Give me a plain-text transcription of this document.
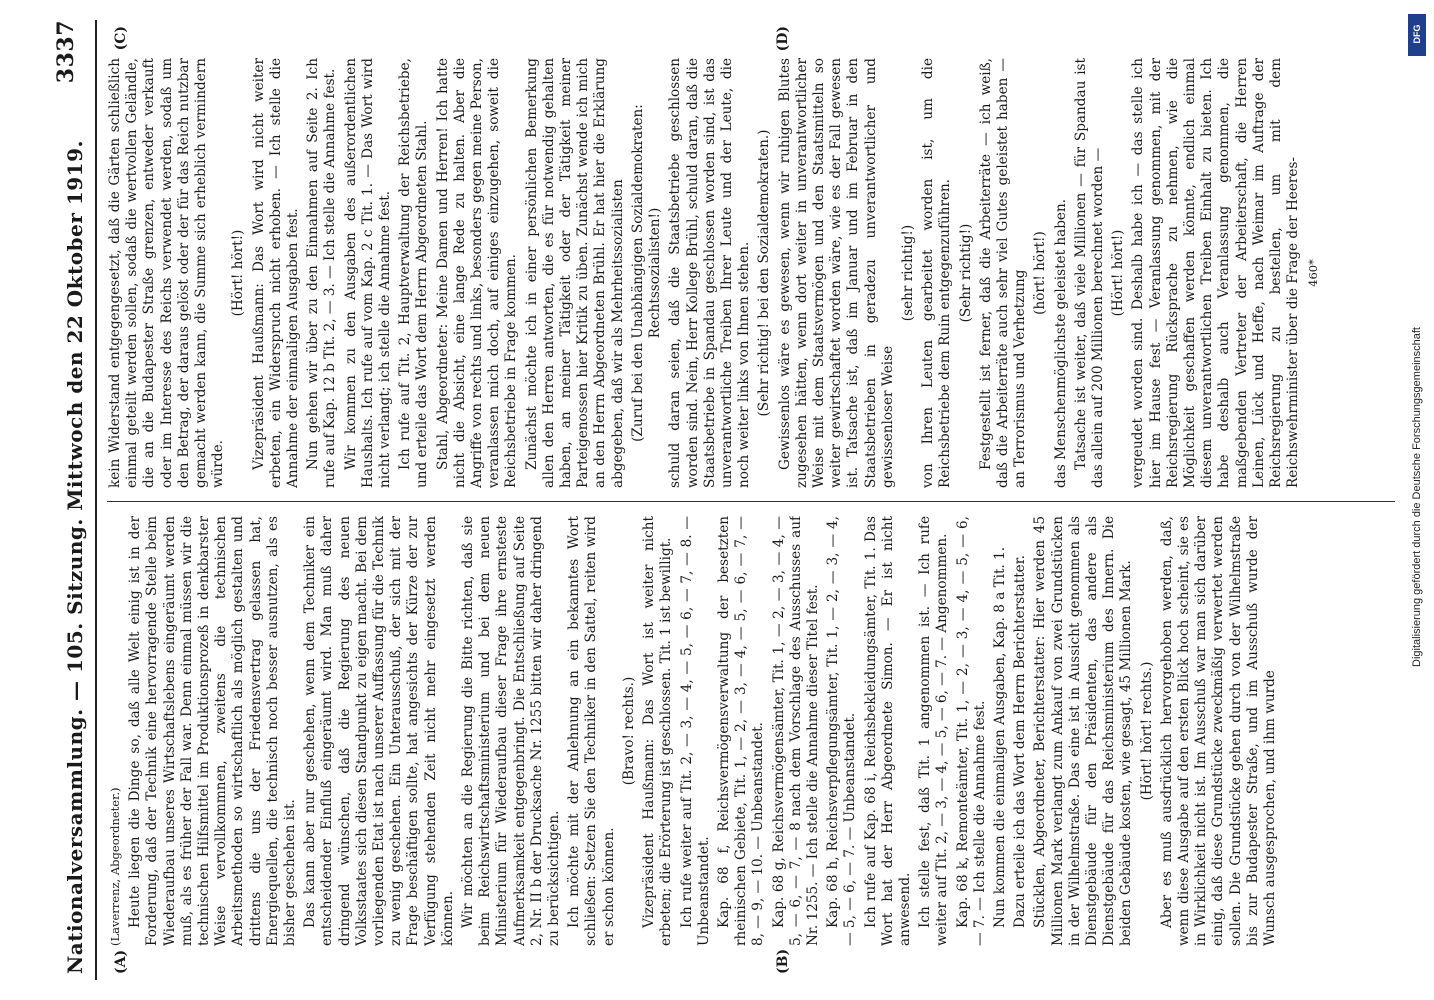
Nationalversammlung. — 105. Sitzung. Mittwoch den 22 Oktober 1919.
3337
(A)	(B)
(C)	(D)

(Laverrenz, Abgeordneter.) Heute liegen die Dinge so, daß alle Welt einig ist in der Forderung, daß der Technik eine hervorragende Stelle beim Wiederaufbau unseres Wirtschaftslebens eingeräumt werden muß, als es früher der Fall war. Denn einmal müssen wir die technischen Hilfsmittel im Produktionsprozeß in denkbarster Weise vervollkommnen, zweitens die technischen Arbeitsmethoden so wirtschaftlich als möglich gestalten und drittens die uns der Friedensvertrag gelassen hat, Energiequellen, die technisch noch besser ausnutzen, als es bisher geschehen ist. Das kann aber nur geschehen, wenn dem Techniker ein entscheidender Einfluß eingeräumt wird. Man muß daher dringend wünschen, daß die Regierung des neuen Volksstaates sich diesen Standpunkt zu eigen macht. Bei dem vorliegenden Etat ist nach unserer Auffassung für die Technik zu wenig geschehen. Ein Unterausschuß, der sich mit der Frage beschäftigen sollte, hat angesichts der Kürze der zur Verfügung stehenden Zeit nicht mehr eingesetzt werden können. Wir möchten an die Regierung die Bitte richten, daß sie beim Reichswirtschaftsministerium und bei dem neuen Ministerium für Wiederaufbau dieser Frage ihre ernsteste Aufmerksamkeit entgegenbringt. Die Entschließung auf Seite 2, Nr. II b der Drucksache Nr. 1255 bitten wir daher dringend zu berücksichtigen. Ich möchte mit der Anlehnung an ein bekanntes Wort schließen: Setzen Sie den Techniker in den Sattel, reiten wird er schon können.

(Bravo! rechts.) Vizepräsident Haußmann: Das Wort ist weiter nicht erbeten; die Erörterung ist geschlossen. Tit. 1 ist bewilligt. Ich rufe weiter auf Tit. 2, — 3, — 4, — 5, — 6, — 7, — 8. — Unbeanstandet. Kap. 68 f, Reichsvermögensverwaltung der besetzten rheinischen Gebiete, Tit. 1, — 2, — 3, — 4, — 5, — 6, — 7, — 8, — 9, — 10. — Unbeanstandet. Kap. 68 g, Reichsvermögensämter, Tit. 1, — 2, — 3, — 4, — 5, — 6, — 7, — 8 nach dem Vorschlage des Ausschusses auf Nr. 1255. — Ich stelle die Annahme dieser Titel fest. Kap. 68 h, Reichsverpflegungsämter, Tit. 1, — 2, — 3, — 4, — 5, — 6, — 7. — Unbeanstandet. Ich rufe auf Kap. 68 i, Reichsbekleidungsämter, Tit. 1. Das Wort hat der Herr Abgeordnete Simon. — Er ist nicht anwesend. Ich stelle fest, daß Tit. 1 angenommen ist. — Ich rufe weiter auf Tit. 2, — 3, — 4, — 5, — 6, — 7. — Angenommen. Kap. 68 k, Remonteämter, Tit. 1, — 2, — 3, — 4, — 5, — 6, — 7. — Ich stelle die Annahme fest. Nun kommen die einmaligen Ausgaben, Kap. 8 a Tit. 1. Dazu erteile ich das Wort dem Herrn Berichterstatter. Stücklen, Abgeordneter, Berichterstatter: Hier werden 45 Millionen Mark verlangt zum Ankauf von zwei Grundstücken in der Wilhelmstraße. Das eine ist in Aussicht genommen als Dienstgebäude für den Präsidenten, das andere als Dienstgebäude für das Reichsministerium des Innern. Die beiden Gebäude kosten, wie gesagt, 45 Millionen Mark. (Hört! hört! rechts.) Aber es muß ausdrücklich hervorgehoben werden, daß, wenn diese Ausgabe auf den ersten Blick hoch scheint, sie es in Wirklichkeit nicht ist. Im Ausschuß war man sich darüber einig, daß diese Grundstücke zweckmäßig verwertet werden sollen. Die Grundstücke gehen durch von der Wilhelmstraße bis zur Budapester Straße, und im Ausschuß wurde der Wunsch ausgesprochen, und ihm wurde

kein Widerstand entgegengesetzt, daß die Gärten schließlich einmal geteilt werden sollen, sodaß die wertvollen Geländle, die an die Budapester Straße grenzen, entweder verkauft oder im Interesse des Reichs verwendet werden, sodaß um den Betrag, der daraus gelöst oder der für das Reich nutzbar gemacht werden kann, die Summe sich erheblich vermindern würde.

(Hört! hört!) Vizepräsident Haußmann: Das Wort wird nicht weiter erbeten, ein Widerspruch nicht erhoben. — Ich stelle die Annahme der einmaligen Ausgaben fest. Nun gehen wir über zu den Einnahmen auf Seite 2. Ich rufe auf Kap. 12 b Tit. 2, — 3. — Ich stelle die Annahme fest. Wir kommen zu den Ausgaben des außerordentlichen Haushalts. Ich rufe auf vom Kap. 2 c Tit. 1. — Das Wort wird nicht verlangt; ich stelle die Annahme fest. Ich rufe auf Tit. 2, Hauptverwaltung der Reichsbetriebe, und erteile das Wort dem Herrn Abgeordneten Stahl. Stahl, Abgeordneter: Meine Damen und Herren! Ich hatte nicht die Absicht, eine lange Rede zu halten. Aber die Angriffe von rechts und links, besonders gegen meine Person, veranlassen mich doch, auf einiges einzugehen, soweit die Reichsbetriebe in Frage kommen. Zunächst möchte ich in einer persönlichen Bemerkung allen den Herren antworten, die es für notwendig gehalten haben, an meiner Tätigkeit oder der Tätigkeit meiner Parteigenossen hier Kritik zu üben. Zunächst wende ich mich an den Herrn Abgeordneten Brühl. Er hat hier die Erklärung abgegeben, daß wir als Mehrheitssozialisten (Zuruf bei den Unabhängigen Sozialdemokraten: Rechtssozialisten!) schuld daran seien, daß die Staatsbetriebe geschlossen worden sind. Nein, Herr Kollege Brühl, schuld daran, daß die Staatsbetriebe in Spandau geschlossen worden sind, ist das unverantwortliche Treiben Ihrer Leute und der Leute, die noch weiter links von Ihnen stehen. (Sehr richtig! bei den Sozialdemokraten.) Gewissenlos wäre es gewesen, wenn wir ruhigen Blutes zugesehen hätten, wenn dort weiter in unverantwortlicher Weise mit dem Staatsvermögen und den Staatsmitteln so weiter gewirtschaftet worden wäre, wie es der Fall gewesen ist. Tatsache ist, daß im Januar und im Februar in den Staatsbetrieben in geradezu unverantwortlicher und gewissenloser Weise

(sehr richtig!) von Ihren Leuten gearbeitet worden ist, um die Reichsbetriebe dem Ruin entgegenzuführen. (Sehr richtig!) Festgestellt ist ferner, daß die Arbeiterräte — ich weiß, daß die Arbeiterräte auch sehr viel Gutes geleistet haben — an Terrorismus und Verhetzung (hört! hört!) das Menschenmöglichste geleistet haben. Tatsache ist weiter, daß viele Millionen — für Spandau ist das allein auf 200 Millionen berechnet worden — (Hört! hört!) vergeudet worden sind. Deshalb habe ich — das stelle ich hier im Hause fest — Veranlassung genommen, mit der Reichsregierung Rücksprache zu nehmen, wie die Möglichkeit geschaffen werden könnte, endlich einmal diesem unverantwortlichen Treiben Einhalt zu bieten. Ich habe deshalb auch Veranlassung genommen, die maßgebenden Vertreter der Arbeiterschaft, die Herren Leinen, Lück und Heffe, nach Weimar im Auftrage der Reichsregierung zu bestellen, um mit dem Reichswehrminister über die Frage der Heeres- 460*

DFG
Digitalisierung gefördert durch die Deutsche Forschungsgemeinschaft
